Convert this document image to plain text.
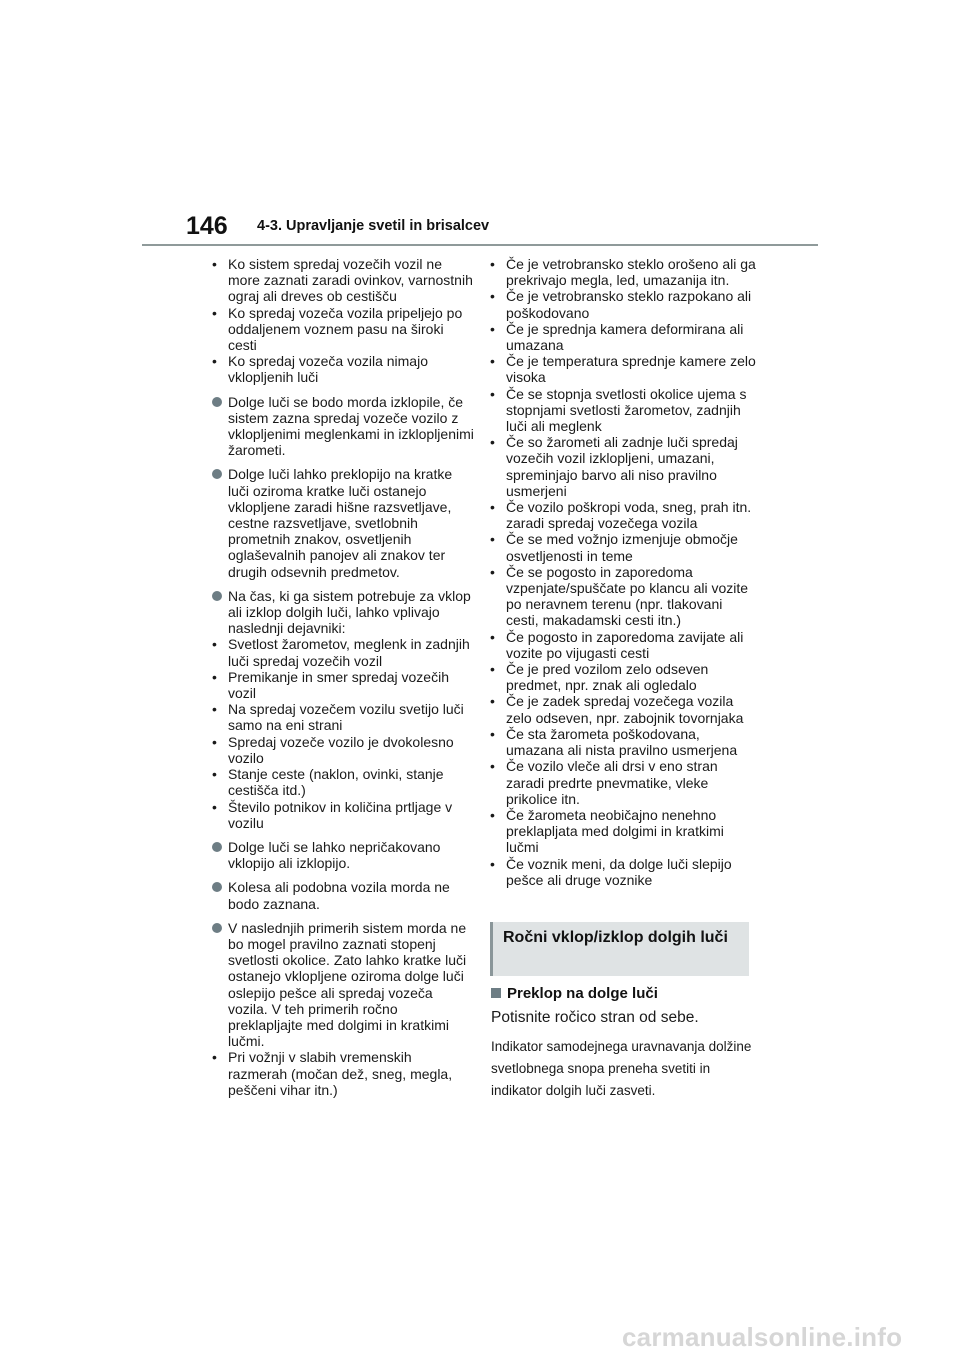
146 4-3. Upravljanje svetil in brisalcev
• Ko sistem spredaj vozečih vozil ne more zaznati zaradi ovinkov, varnostnih ograj ali dreves ob cestišču
• Ko spredaj vozeča vozila pripeljejo po oddaljenem voznem pasu na široki cesti
• Ko spredaj vozeča vozila nimajo vklopljenih luči
Dolge luči se bodo morda izklopile, če sistem zazna spredaj vozeče vozilo z vklopljenimi meglenkami in izklopljenimi žarometi.
Dolge luči lahko preklopijo na kratke luči oziroma kratke luči ostanejo vklopljene zaradi hišne razsvetljave, cestne razsvetljave, svetlobnih prometnih znakov, osvetljenih oglaševalnih panojev ali znakov ter drugih odsevnih predmetov.
Na čas, ki ga sistem potrebuje za vklop ali izklop dolgih luči, lahko vplivajo naslednji dejavniki:
• Svetlost žarometov, meglenk in zadnjih luči spredaj vozečih vozil
• Premikanje in smer spredaj vozečih vozil
• Na spredaj vozečem vozilu svetijo luči samo na eni strani
• Spredaj vozeče vozilo je dvokolesno vozilo
• Stanje ceste (naklon, ovinki, stanje cestišča itd.)
• Število potnikov in količina prtljage v vozilu
Dolge luči se lahko nepričakovano vklopijo ali izklopijo.
Kolesa ali podobna vozila morda ne bodo zaznana.
V naslednjih primerih sistem morda ne bo mogel pravilno zaznati stopenj svetlosti okolice. Zato lahko kratke luči ostanejo vklopljene oziroma dolge luči oslepijo pešce ali spredaj vozeča vozila. V teh primerih ročno preklapljajte med dolgimi in kratkimi lučmi.
• Pri vožnji v slabih vremenskih razmerah (močan dež, sneg, megla, peščeni vihar itn.)
• Če je vetrobransko steklo orošeno ali ga prekrivajo megla, led, umazanija itn.
• Če je vetrobransko steklo razpokano ali poškodovano
• Če je sprednja kamera deformirana ali umazana
• Če je temperatura sprednje kamere zelo visoka
• Če se stopnja svetlosti okolice ujema s stopnjami svetlosti žarometov, zadnjih luči ali meglenk
• Če so žarometi ali zadnje luči spredaj vozečih vozil izklopljeni, umazani, spreminjajo barvo ali niso pravilno usmerjeni
• Če vozilo poškropi voda, sneg, prah itn. zaradi spredaj vozečega vozila
• Če se med vožnjo izmenjuje območje osvetljenosti in teme
• Če se pogosto in zaporedoma vzpenjate/spuščate po klancu ali vozite po neravnem terenu (npr. tlakovani cesti, makadamski cesti itn.)
• Če pogosto in zaporedoma zavijate ali vozite po vijugasti cesti
• Če je pred vozilom zelo odseven predmet, npr. znak ali ogledalo
• Če je zadek spredaj vozečega vozila zelo odseven, npr. zabojnik tovornjaka
• Če sta žarometa poškodovana, umazana ali nista pravilno usmerjena
• Če vozilo vleče ali drsi v eno stran zaradi predrte pnevmatike, vleke prikolice itn.
• Če žarometa neobičajno nenehno preklapljata med dolgimi in kratkimi lučmi
• Če voznik meni, da dolge luči slepijo pešce ali druge voznike
Ročni vklop/izklop dolgih luči
Preklop na dolge luči
Potisnite ročico stran od sebe.
Indikator samodejnega uravnavanja dolžine svetlobnega snopa preneha svetiti in indikator dolgih luči zasveti.
carmanualsonline.info
